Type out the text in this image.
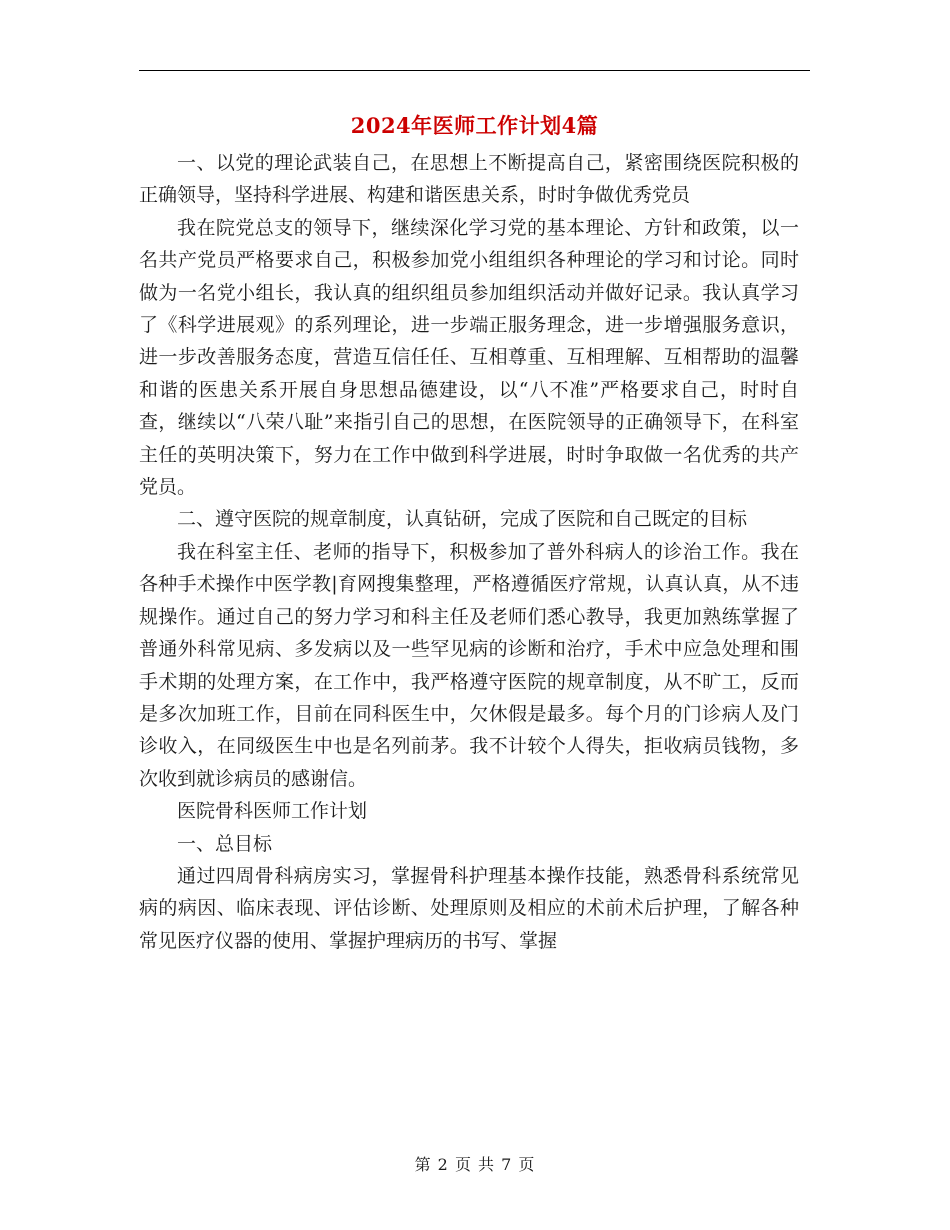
2024年医师工作计划4篇

一、以党的理论武装自己，在思想上不断提高自己，紧密围绕医院积极的正确领导，坚持科学进展、构建和谐医患关系，时时争做优秀党员

我在院党总支的领导下，继续深化学习党的基本理论、方针和政策，以一名共产党员严格要求自己，积极参加党小组组织各种理论的学习和讨论。同时做为一名党小组长，我认真的组织组员参加组织活动并做好记录。我认真学习了《科学进展观》的系列理论，进一步端正服务理念，进一步增强服务意识，进一步改善服务态度，营造互信任任、互相尊重、互相理解、互相帮助的温馨和谐的医患关系开展自身思想品德建设，以“八不准”严格要求自己，时时自查，继续以“八荣八耻”来指引自己的思想，在医院领导的正确领导下，在科室主任的英明决策下，努力在工作中做到科学进展，时时争取做一名优秀的共产党员。

二、遵守医院的规章制度，认真钻研，完成了医院和自己既定的目标

我在科室主任、老师的指导下，积极参加了普外科病人的诊治工作。我在各种手术操作中医学教|育网搜集整理，严格遵循医疗常规，认真认真，从不违规操作。通过自己的努力学习和科主任及老师们悉心教导，我更加熟练掌握了普通外科常见病、多发病以及一些罕见病的诊断和治疗，手术中应急处理和围手术期的处理方案，在工作中，我严格遵守医院的规章制度，从不旷工，反而是多次加班工作，目前在同科医生中，欠休假是最多。每个月的门诊病人及门诊收入，在同级医生中也是名列前茅。我不计较个人得失，拒收病员钱物，多次收到就诊病员的感谢信。

医院骨科医师工作计划

一、总目标

通过四周骨科病房实习，掌握骨科护理基本操作技能，熟悉骨科系统常见病的病因、临床表现、评估诊断、处理原则及相应的术前术后护理，了解各种常见医疗仪器的使用、掌握护理病历的书写、掌握

第 2 页 共 7 页
